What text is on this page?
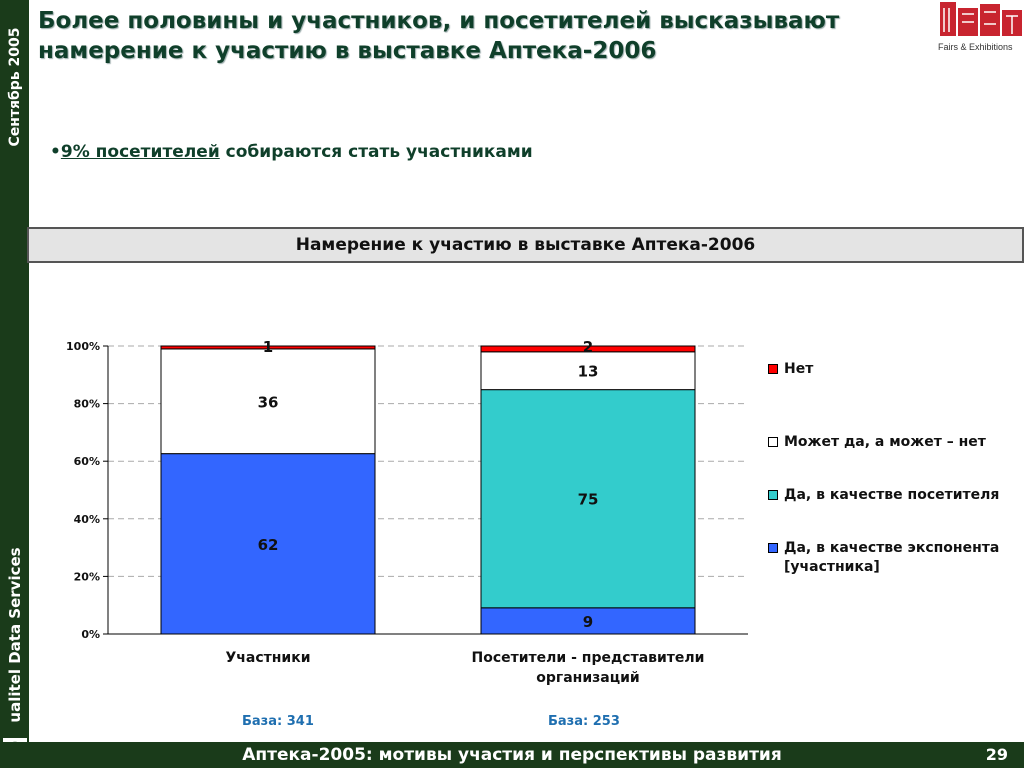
Сентябрь 2005
ualitel Data Services
Более половины и участников, и посетителей высказывают намерение к участию в выставке Аптека-2006	Fairs & Exhibitions
•9% посетителей собираются стать участниками
Намерение к участию в выставке Аптека-2006
0%
20%
40%
60%
80%
100%
62
36
1
Участники
9
75
13
2
Посетители - представители
организаций
Нет
Может да, а может – нет
Да, в качестве посетителя
Да, в качестве экспонента [участника]
База: 341	База: 253
Аптека-2005: мотивы участия и перспективы развития	29
